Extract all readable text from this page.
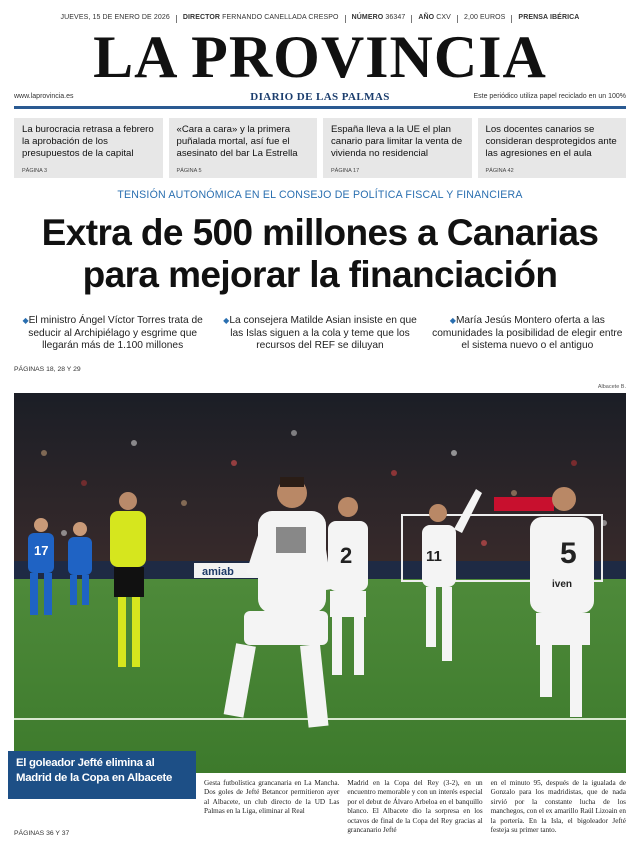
JUEVES, 15 DE ENERO DE 2026 DIRECTOR FERNANDO CANELLADA CRESPO NÚMERO 36347 AÑO CXV 2,00 EUROS PRENSA IBÉRICA
LA PROVINCIA
www.laprovincia.es	DIARIO DE LAS PALMAS	Este periódico utiliza papel reciclado en un 100%
La burocracia retrasa a febrero la aprobación de los presupuestos de la capital
PÁGINA 3
«Cara a cara» y la primera puñalada mortal, así fue el asesinato del bar La Estrella
PÁGINA 5
España lleva a la UE el plan canario para limitar la venta de vivienda no residencial
PÁGINA 17
Los docentes canarios se consideran desprotegidos ante las agresiones en el aula
PÁGINA 42
TENSIÓN AUTONÓMICA EN EL CONSEJO DE POLÍTICA FISCAL Y FINANCIERA
Extra de 500 millones a Canarias
para mejorar la financiación
◆El ministro Ángel Víctor Torres trata de seducir al Archipiélago y esgrime que llegarán más de 1.100 millones
◆La consejera Matilde Asian insiste en que las Islas siguen a la cola y teme que los recursos del REF se diluyan
◆María Jesús Montero oferta a las comunidades la posibilidad de elegir entre el sistema nuevo o el antiguo
PÁGINAS 18, 28 Y 29
Albacete B.
amiab
17	2	11	5
iven
El goleador Jefté elimina al
Madrid de la Copa en Albacete	Gesta futbolística grancanaria en La Mancha. Dos goles de Jefté Betancor permitieron ayer al Albacete, un club directo de la UD Las Palmas en la Liga, eliminar al Real
Madrid en la Copa del Rey (3-2), en un encuentro memorable y con un interés especial por el debut de Álvaro Arbeloa en el banquillo blanco. El Albacete dio la sorpresa en los octavos de final de la Copa del Rey gracias al grancanario Jefté
en el minuto 95, después de la igualada de Gonzalo para los madridistas, que de nada sirvió por la constante lucha de los manchegos, con el ex amarillo Raúl Lizoain en la portería. En la Isla, el bigoleador Jefté festeja su primer tanto.
PÁGINAS 36 Y 37
